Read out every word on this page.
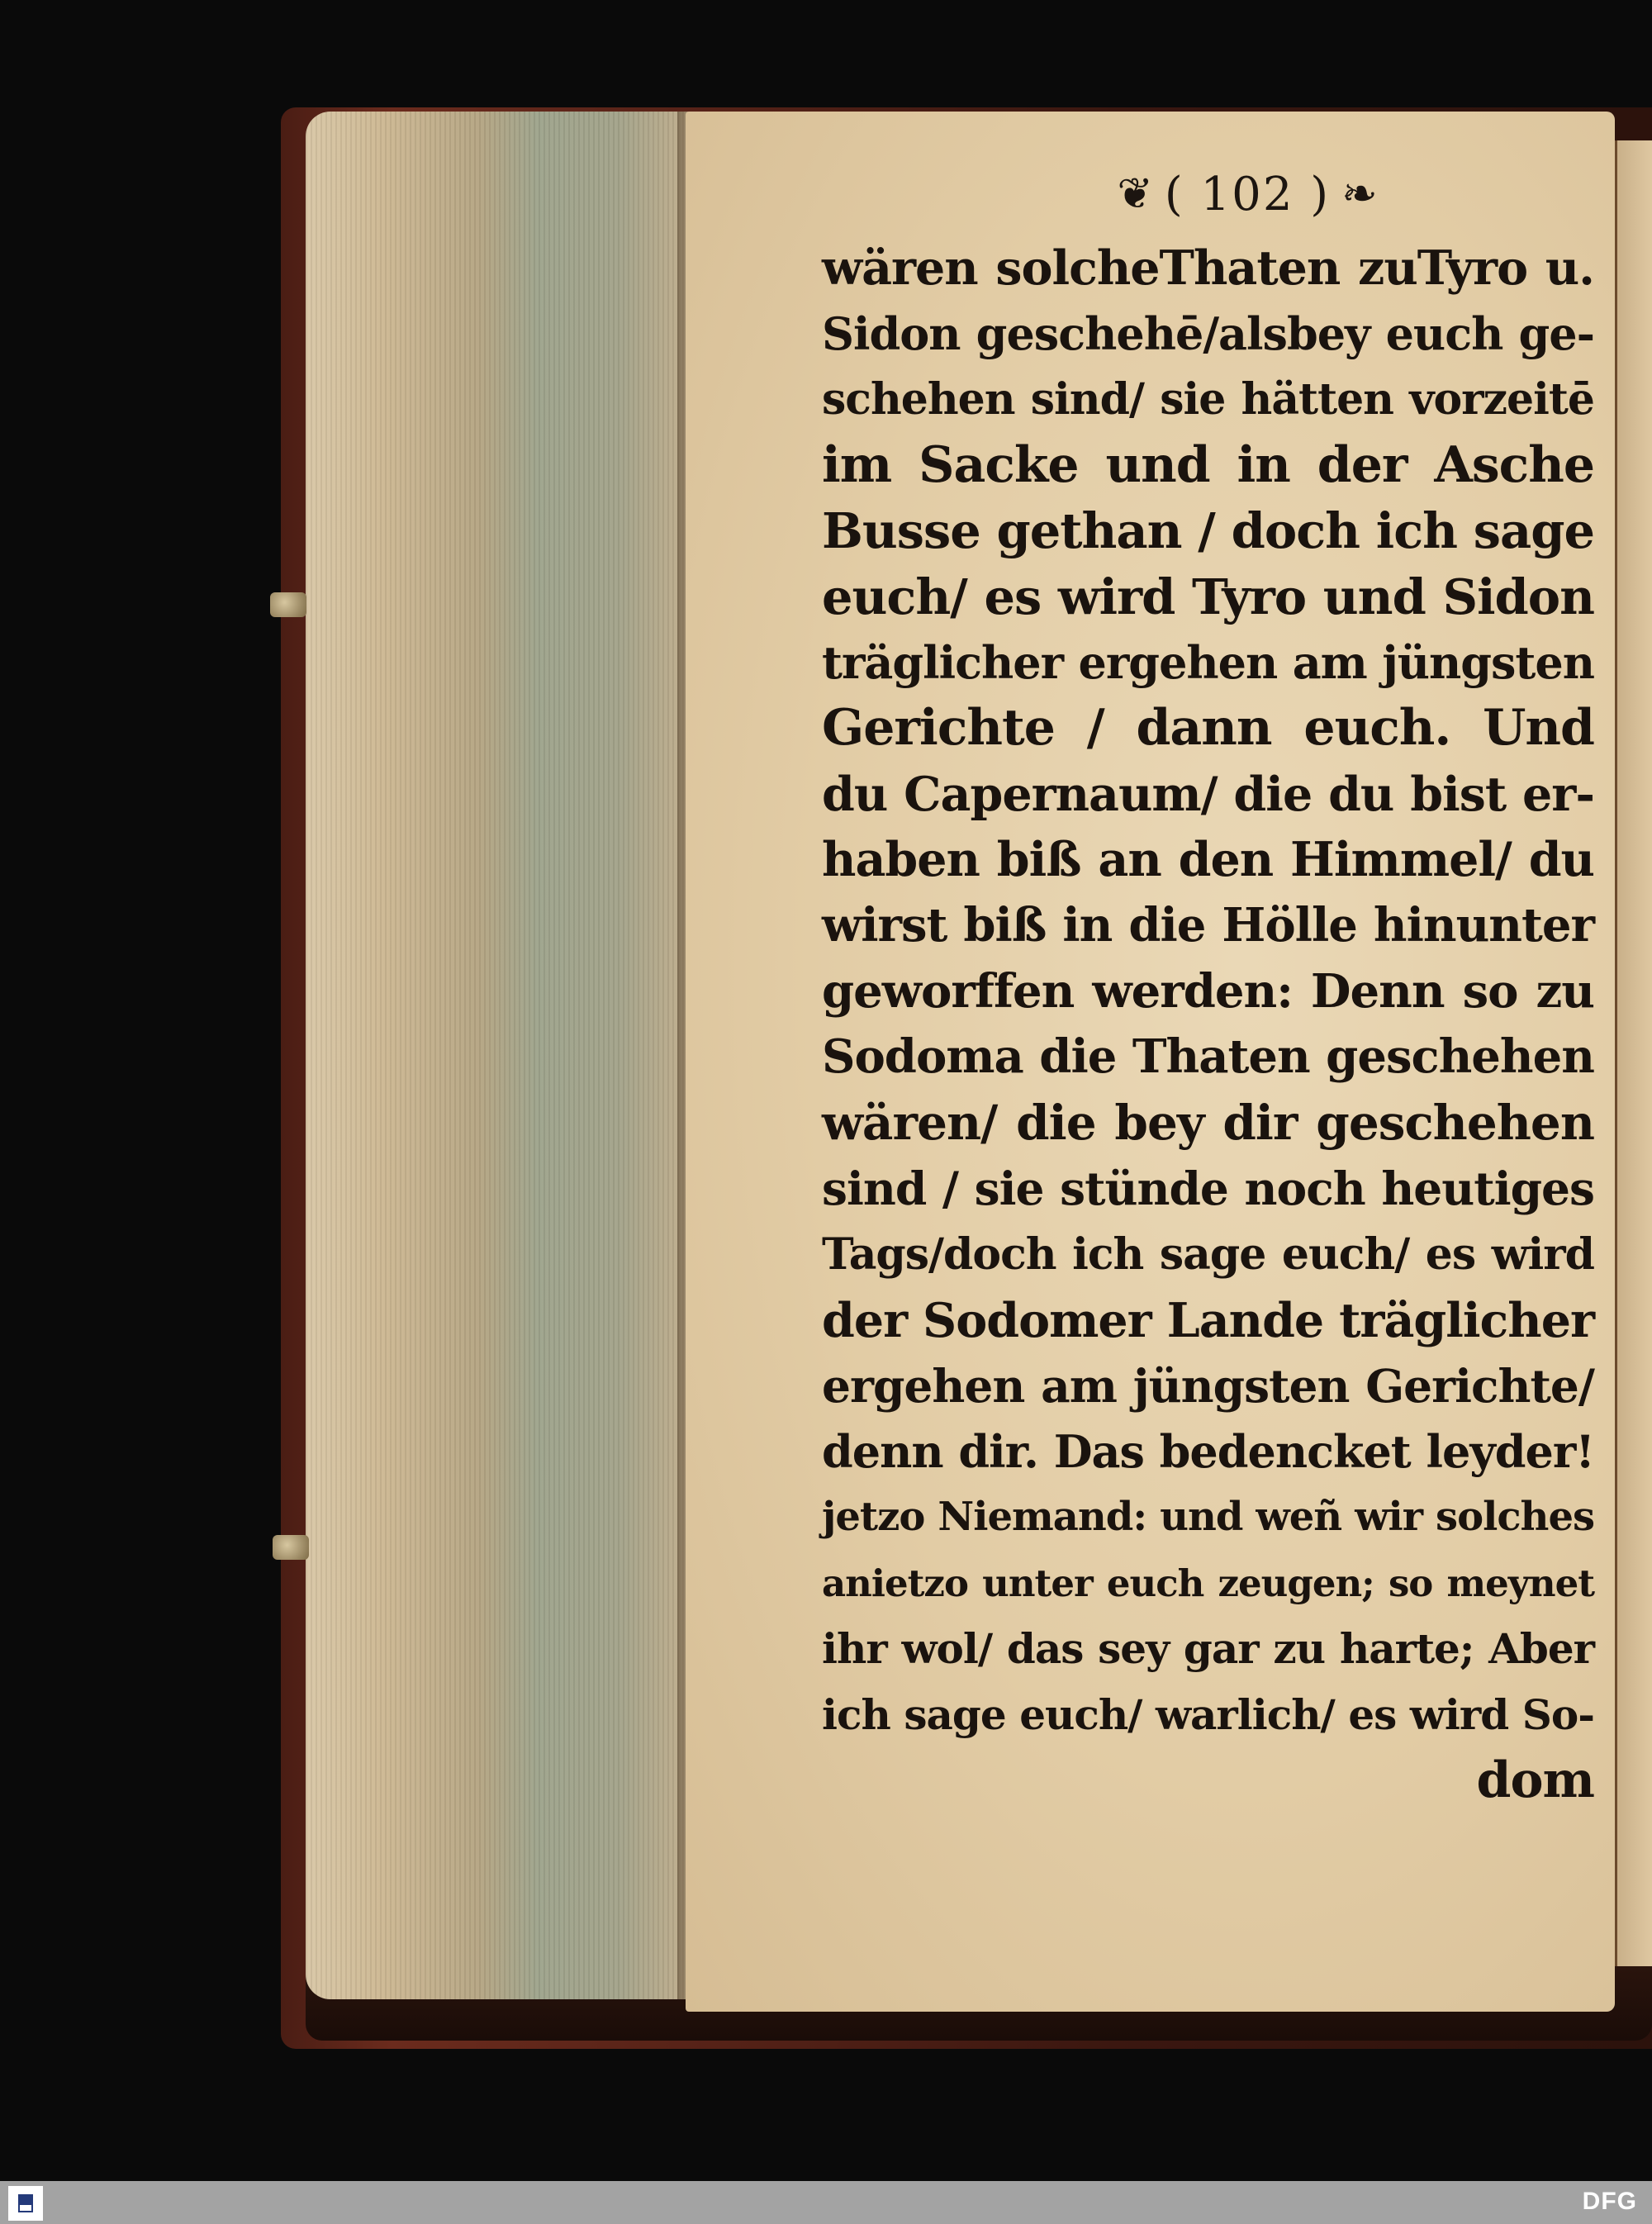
❦ ( 102 ) ❧
wären solcheThaten zuTyro u.
Sidon geschehē/alsbey euch ge-
schehen sind/ sie hätten vorzeitē
im Sacke und in der Asche
Busse gethan / doch ich sage
euch/ es wird Tyro und Sidon
träglicher ergehen am jüngsten
Gerichte / dann euch. Und
du Capernaum/ die du bist er-
haben biß an den Himmel/ du
wirst biß in die Hölle hinunter
geworffen werden: Denn so zu
Sodoma die Thaten geschehen
wären/ die bey dir geschehen
sind / sie stünde noch heutiges
Tags/doch ich sage euch/ es wird
der Sodomer Lande träglicher
ergehen am jüngsten Gerichte/
denn dir. Das bedencket leyder!
jetzo Niemand: und weñ wir solches
anietzo unter euch zeugen; so meynet
ihr wol/ das sey gar zu harte; Aber
ich sage euch/ warlich/ es wird So-
dom
DFG
